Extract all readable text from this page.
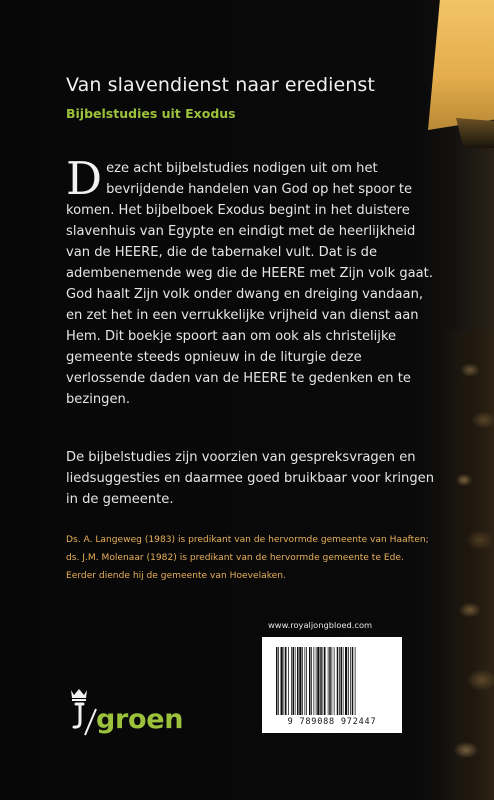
Van slavendienst naar eredienst
Bijbelstudies uit Exodus

Deze acht bijbelstudies nodigen uit om het bevrijdende handelen van God op het spoor te komen. Het bijbelboek Exodus begint in het duistere slavenhuis van Egypte en eindigt met de heerlijkheid van de HEERE, die de tabernakel vult. Dat is de adembenemende weg die de HEERE met Zijn volk gaat. God haalt Zijn volk onder dwang en dreiging vandaan, en zet het in een verrukkelijke vrijheid van dienst aan Hem. Dit boekje spoort aan om ook als christelijke gemeente steeds opnieuw in de liturgie deze verlossende daden van de HEERE te gedenken en te bezingen.

De bijbelstudies zijn voorzien van gespreksvragen en liedsuggesties en daarmee goed bruikbaar voor kringen in de gemeente.

Ds. A. Langeweg (1983) is predikant van de hervormde gemeente van Haaften; ds. J.M. Molenaar (1982) is predikant van de hervormde gemeente te Ede. Eerder diende hij de gemeente van Hoevelaken.

www.royaljongbloed.com

9 789088 972447

groen
